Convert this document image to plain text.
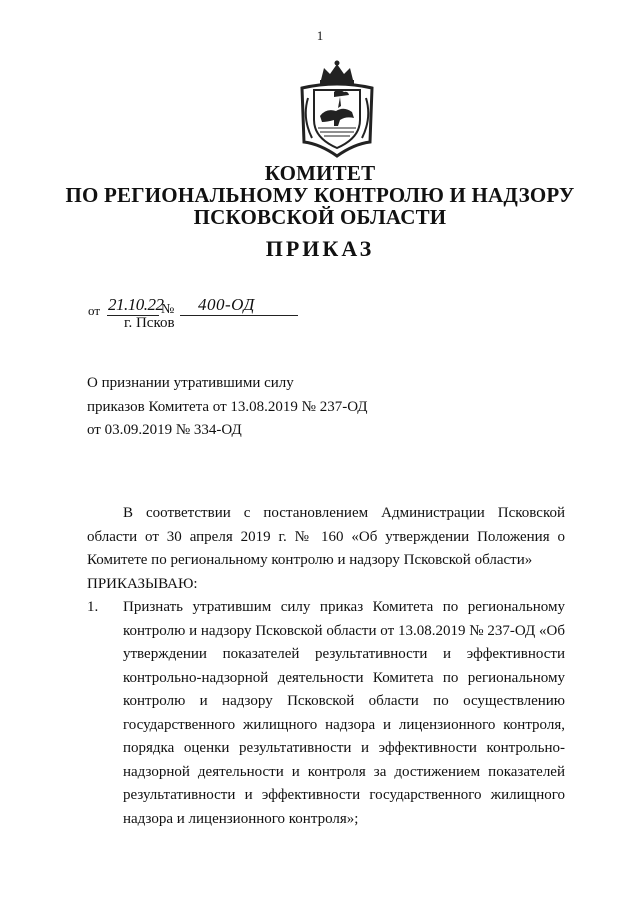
1
КОМИТЕТ
ПО РЕГИОНАЛЬНОМУ КОНТРОЛЮ И НАДЗОРУ
ПСКОВСКОЙ ОБЛАСТИ
ПРИКАЗ
от 21.10.22
№ 400-ОД
г. Псков
О признании утратившими силу
приказов Комитета от 13.08.2019 № 237-ОД
от 03.09.2019 № 334-ОД

В соответствии с постановлением Администрации Псковской области от 30 апреля 2019 г. № 160 «Об утверждении Положения о Комитете по региональному контролю и надзору Псковской области»

ПРИКАЗЫВАЮ:

1.	Признать утратившим силу приказ Комитета по региональному контролю и надзору Псковской области от 13.08.2019 № 237-ОД «Об утверждении показателей результативности и эффективности контрольно-надзорной деятельности Комитета по региональному контролю и надзору Псковской области по осуществлению государственного жилищного надзора и лицензионного контроля, порядка оценки результативности и эффективности контрольно-надзорной деятельности и контроля за достижением показателей результативности и эффективности государственного жилищного надзора и лицензионного контроля»;
